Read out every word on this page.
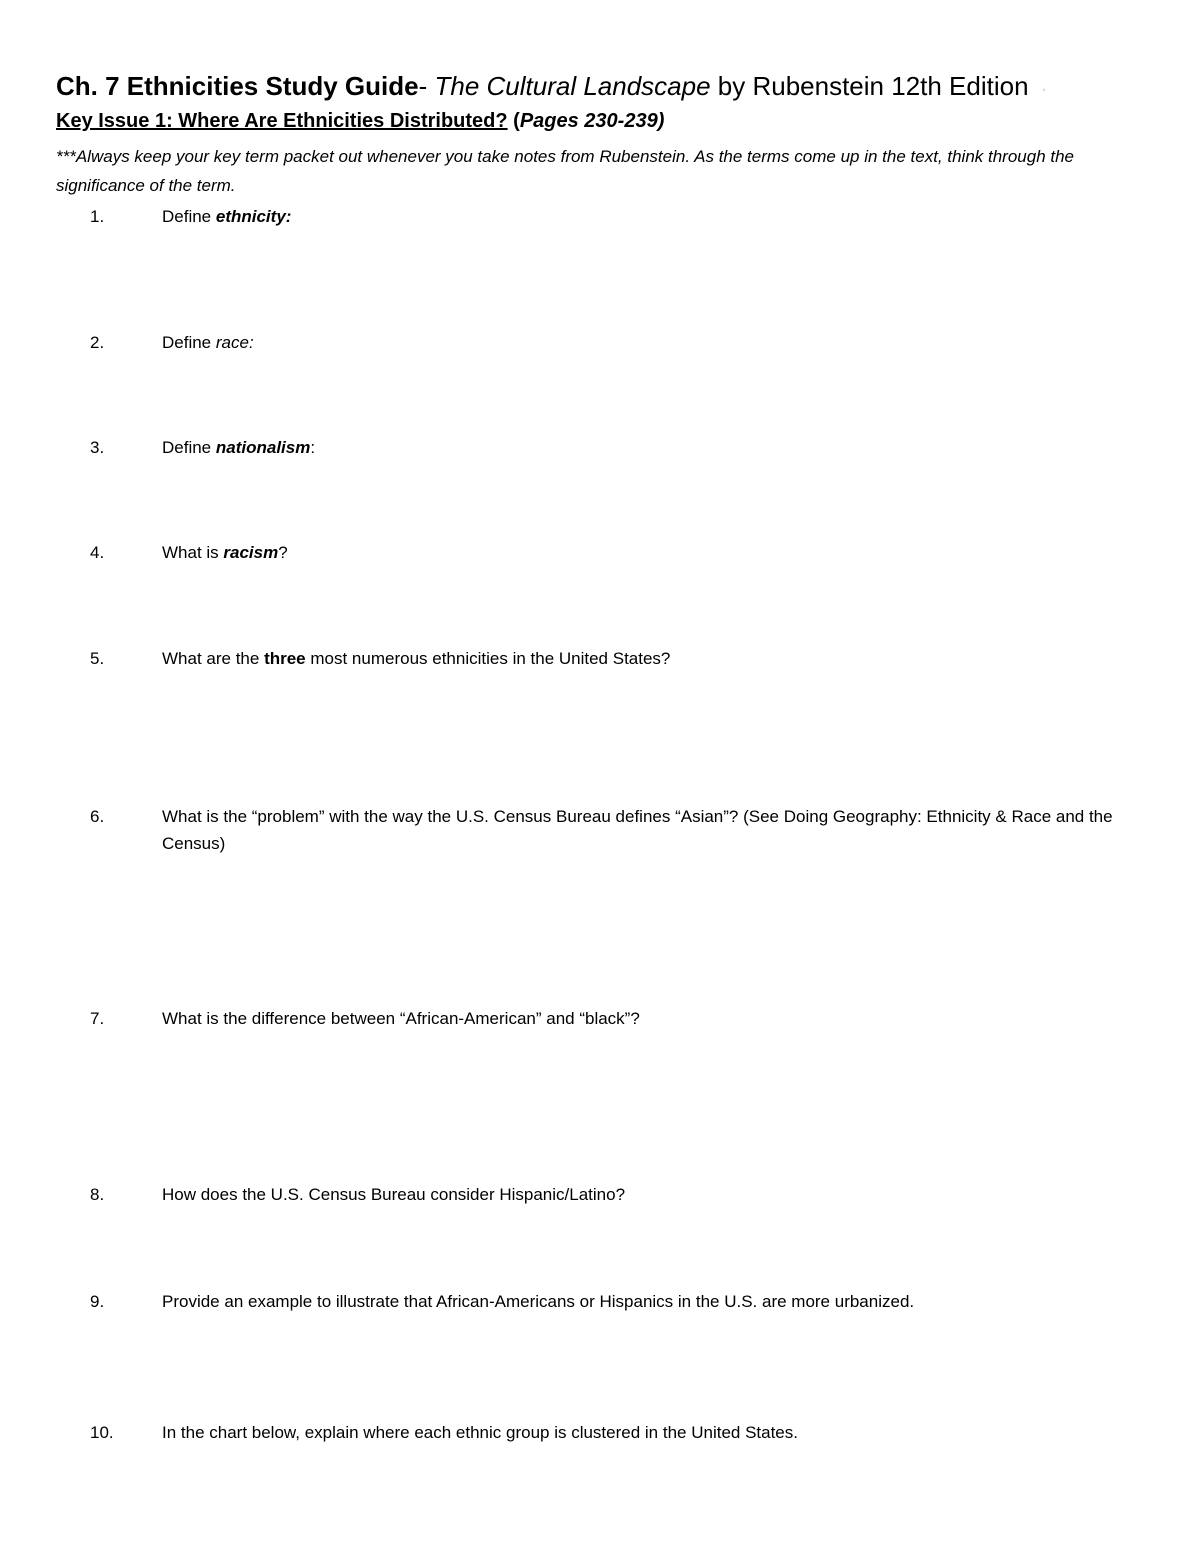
Ch. 7 Ethnicities Study Guide- The Cultural Landscape by Rubenstein 12th Edition ,
Key Issue 1: Where Are Ethnicities Distributed? (Pages 230-239)

***Always keep your key term packet out whenever you take notes from Rubenstein. As the terms come up in the text, think through the significance of the term.

1.	Define ethnicity:
2.	Define race:
3.	Define nationalism:
4.	What is racism?
5.	What are the three most numerous ethnicities in the United States?
6.	What is the “problem” with the way the U.S. Census Bureau defines “Asian”? (See Doing Geography: Ethnicity & Race and the Census)
7.	What is the difference between “African-American” and “black”?
8.	How does the U.S. Census Bureau consider Hispanic/Latino?
9.	Provide an example to illustrate that African-Americans or Hispanics in the U.S. are more urbanized.
10.	In the chart below, explain where each ethnic group is clustered in the United States.
